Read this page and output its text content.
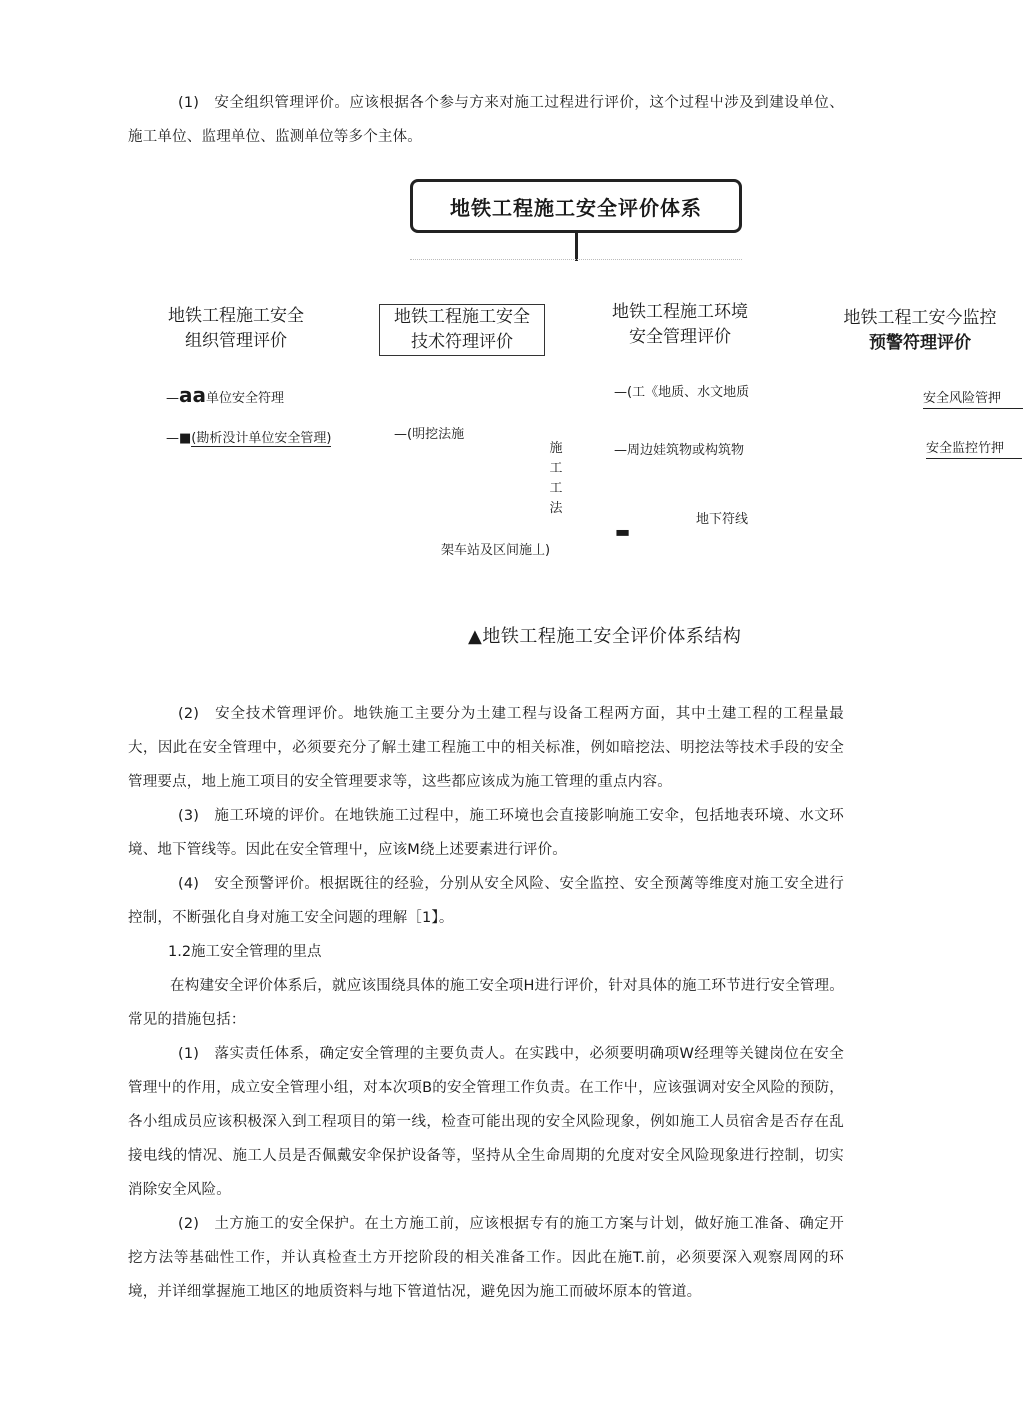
(1)　安全组织管理评价。应该根据各个参与方来对施工过程进行评价，这个过程屮涉及到建设单位、施工单位、监理单位、监测单位等多个主体。

地铁工程施工安全评价体系
地铁工程施工安全
组织管理评价
地铁工程施工安全
技术符理评价
地铁工程施工环境
安全管理评价
地铁工程工安今监控
预警符理评价
—aa单位安全符理
—■(勘析没计单位安全管理)	—(明挖法施
施工工法
架车站及区间施丄)
—(工《地质、水文地质
—周边娃筑物或构筑物
地下符线
▬
安全风险管押
安全监控竹押
▲地铁工程施工安全评价体系结构

(2)　安全技术管理评价。地铁施工主要分为土建工程与设备工程两方面，其中土建工程的工程量最大，因此在安全管理中，必须要充分了解土建工程施工中的相关标准，例如暗挖法、明挖法等技术手段的安全管理要点，地上施工项目的安全管理要求等，这些都应该成为施工管理的重点内容。

(3)　施工环境的评价。在地铁施工过程中，施工环境也会直接影响施工安伞，包括地表环境、水文环境、地下管线等。因此在安全管理屮，应该M绕上述要素进行评价。

(4)　安全预警评价。根据既往的经验，分别从安全风险、安全监控、安全预蓠等维度对施工安全进行控制，不断强化自身对施工安全问题的理解［1】。

1.2施工安全管理的里点

在构建安全评价体系后，就应该围绕具体的施工安全项H进行评价，针对具体的施工环节进行安全管理。常见的措施包括：

(1)　落实责任体系，确定安全管理的主要负责人。在实践中，必须要明确项W经理等关键岗位在安全管理屮的作用，成立安全管理小组，对本次项B的安全管理工作负责。在工作屮，应该强调对安全风险的预防，各小组成员应该积极深入到工程项目的第一线，检查可能出现的安全风险现象，例如施工人员宿舍是否存在乱接电线的情况、施工人员是否佩戴安伞保护设备等，坚持从全生命周期的允度对安全风险现象进行控制，切实消除安全风险。

(2)　土方施工的安全保护。在土方施工前，应该根据专有的施工方案与计划，做好施工准备、确定开挖方法等基础性工作，并认真检查土方开挖阶段的相关准备工作。因此在施T.前，必须要深入观察周网的环境，并详细掌握施工地区的地质资料与地下管道怙况，避免因为施工而破坏原本的管道。
